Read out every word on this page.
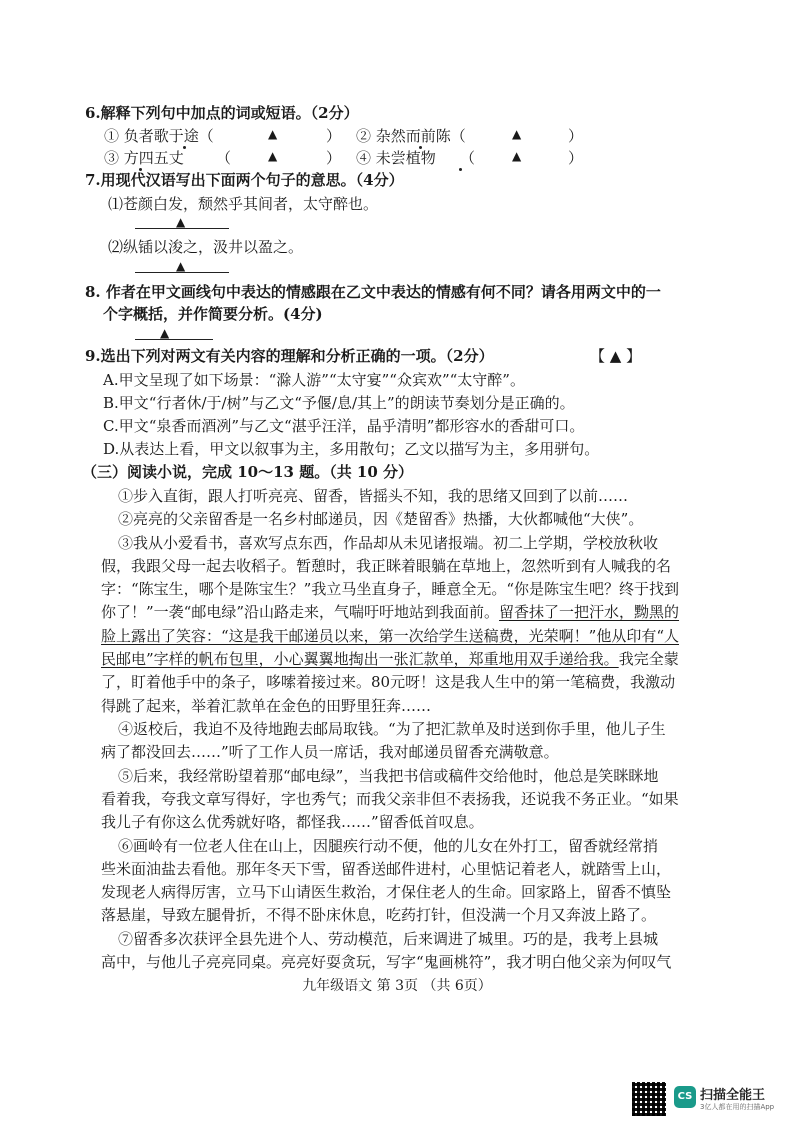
6.解释下列句中加点的词或短语。（2分）
① 负者歌于途（	▲	） ② 杂然而前陈（	▲	）
③ 方四五丈 （	▲	） ④ 未尝植物 （	▲	）
7.用现代汉语写出下面两个句子的意思。（4分）
⑴苍颜白发，颓然乎其间者，太守醉也。
▲
⑵纵锸以浚之，汲井以盈之。
▲
8. 作者在甲文画线句中表达的情感跟在乙文中表达的情感有何不同？请各用两文中的一
个字概括，并作简要分析。(4分)
▲
9.选出下列对两文有关内容的理解和分析正确的一项。（2分）	【 ▲ 】
A.甲文呈现了如下场景：“滁人游”“太守宴”“众宾欢”“太守醉”。
B.甲文“行者休/于/树”与乙文“予偃/息/其上”的朗读节奏划分是正确的。
C.甲文“泉香而酒冽”与乙文“湛乎汪洋，晶乎清明”都形容水的香甜可口。
D.从表达上看，甲文以叙事为主，多用散句；乙文以描写为主，多用骈句。
（三）阅读小说，完成 10～13 题。（共 10 分）
①步入直街，跟人打听亮亮、留香，皆摇头不知，我的思绪又回到了以前……
②亮亮的父亲留香是一名乡村邮递员，因《楚留香》热播，大伙都喊他“大侠”。
③我从小爱看书，喜欢写点东西，作品却从未见诸报端。初二上学期，学校放秋收
假，我跟父母一起去收稻子。暂憩时，我正眯着眼躺在草地上，忽然听到有人喊我的名
字：“陈宝生，哪个是陈宝生？”我立马坐直身子，睡意全无。“你是陈宝生吧？终于找到
你了！”一袭“邮电绿”沿山路走来，气喘吁吁地站到我面前。留香抹了一把汗水，黝黑的
脸上露出了笑容：“这是我干邮递员以来，第一次给学生送稿费，光荣啊！”他从印有“人
民邮电”字样的帆布包里，小心翼翼地掏出一张汇款单，郑重地用双手递给我。我完全蒙
了，盯着他手中的条子，哆嗦着接过来。80元呀！这是我人生中的第一笔稿费，我激动
得跳了起来，举着汇款单在金色的田野里狂奔……
④返校后，我迫不及待地跑去邮局取钱。“为了把汇款单及时送到你手里，他儿子生
病了都没回去……”听了工作人员一席话，我对邮递员留香充满敬意。
⑤后来，我经常盼望着那“邮电绿”，当我把书信或稿件交给他时，他总是笑眯眯地
看着我，夸我文章写得好，字也秀气；而我父亲非但不表扬我，还说我不务正业。“如果
我儿子有你这么优秀就好咯，都怪我……”留香低首叹息。
⑥画岭有一位老人住在山上，因腿疾行动不便，他的儿女在外打工，留香就经常捎
些米面油盐去看他。那年冬天下雪，留香送邮件进村，心里惦记着老人，就踏雪上山，
发现老人病得厉害，立马下山请医生救治，才保住老人的生命。回家路上，留香不慎坠
落悬崖，导致左腿骨折，不得不卧床休息，吃药打针，但没满一个月又奔波上路了。
⑦留香多次获评全县先进个人、劳动模范，后来调进了城里。巧的是，我考上县城
高中，与他儿子亮亮同桌。亮亮好耍贪玩，写字“鬼画桃符”，我才明白他父亲为何叹气
九年级语文 第 3页 （共 6页）
CS 扫描全能王
3亿人都在用的扫描App
